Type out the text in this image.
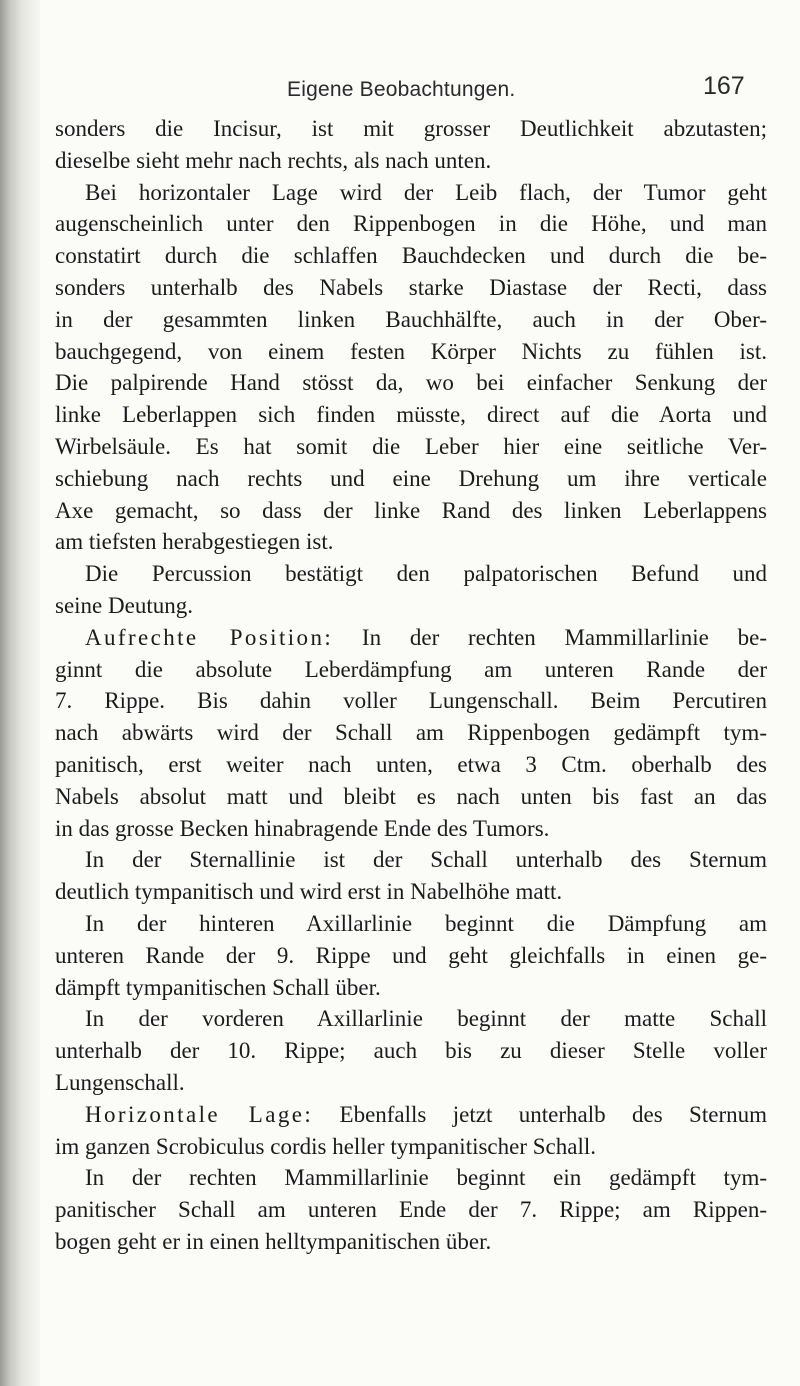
Eigene Beobachtungen.	167
sonders die Incisur, ist mit grosser Deutlichkeit abzutasten;
dieselbe sieht mehr nach rechts, als nach unten.
Bei horizontaler Lage wird der Leib flach, der Tumor geht
augenscheinlich unter den Rippenbogen in die Höhe, und man
constatirt durch die schlaffen Bauchdecken und durch die be-
sonders unterhalb des Nabels starke Diastase der Recti, dass
in der gesammten linken Bauchhälfte, auch in der Ober-
bauchgegend, von einem festen Körper Nichts zu fühlen ist.
Die palpirende Hand stösst da, wo bei einfacher Senkung der
linke Leberlappen sich finden müsste, direct auf die Aorta und
Wirbelsäule. Es hat somit die Leber hier eine seitliche Ver-
schiebung nach rechts und eine Drehung um ihre verticale
Axe gemacht, so dass der linke Rand des linken Leberlappens
am tiefsten herabgestiegen ist.
Die Percussion bestätigt den palpatorischen Befund und
seine Deutung.
Aufrechte Position: In der rechten Mammillarlinie be-
ginnt die absolute Leberdämpfung am unteren Rande der
7. Rippe. Bis dahin voller Lungenschall. Beim Percutiren
nach abwärts wird der Schall am Rippenbogen gedämpft tym-
panitisch, erst weiter nach unten, etwa 3 Ctm. oberhalb des
Nabels absolut matt und bleibt es nach unten bis fast an das
in das grosse Becken hinabragende Ende des Tumors.
In der Sternallinie ist der Schall unterhalb des Sternum
deutlich tympanitisch und wird erst in Nabelhöhe matt.
In der hinteren Axillarlinie beginnt die Dämpfung am
unteren Rande der 9. Rippe und geht gleichfalls in einen ge-
dämpft tympanitischen Schall über.
In der vorderen Axillarlinie beginnt der matte Schall
unterhalb der 10. Rippe; auch bis zu dieser Stelle voller
Lungenschall.
Horizontale Lage: Ebenfalls jetzt unterhalb des Sternum
im ganzen Scrobiculus cordis heller tympanitischer Schall.
In der rechten Mammillarlinie beginnt ein gedämpft tym-
panitischer Schall am unteren Ende der 7. Rippe; am Rippen-
bogen geht er in einen helltympanitischen über.
